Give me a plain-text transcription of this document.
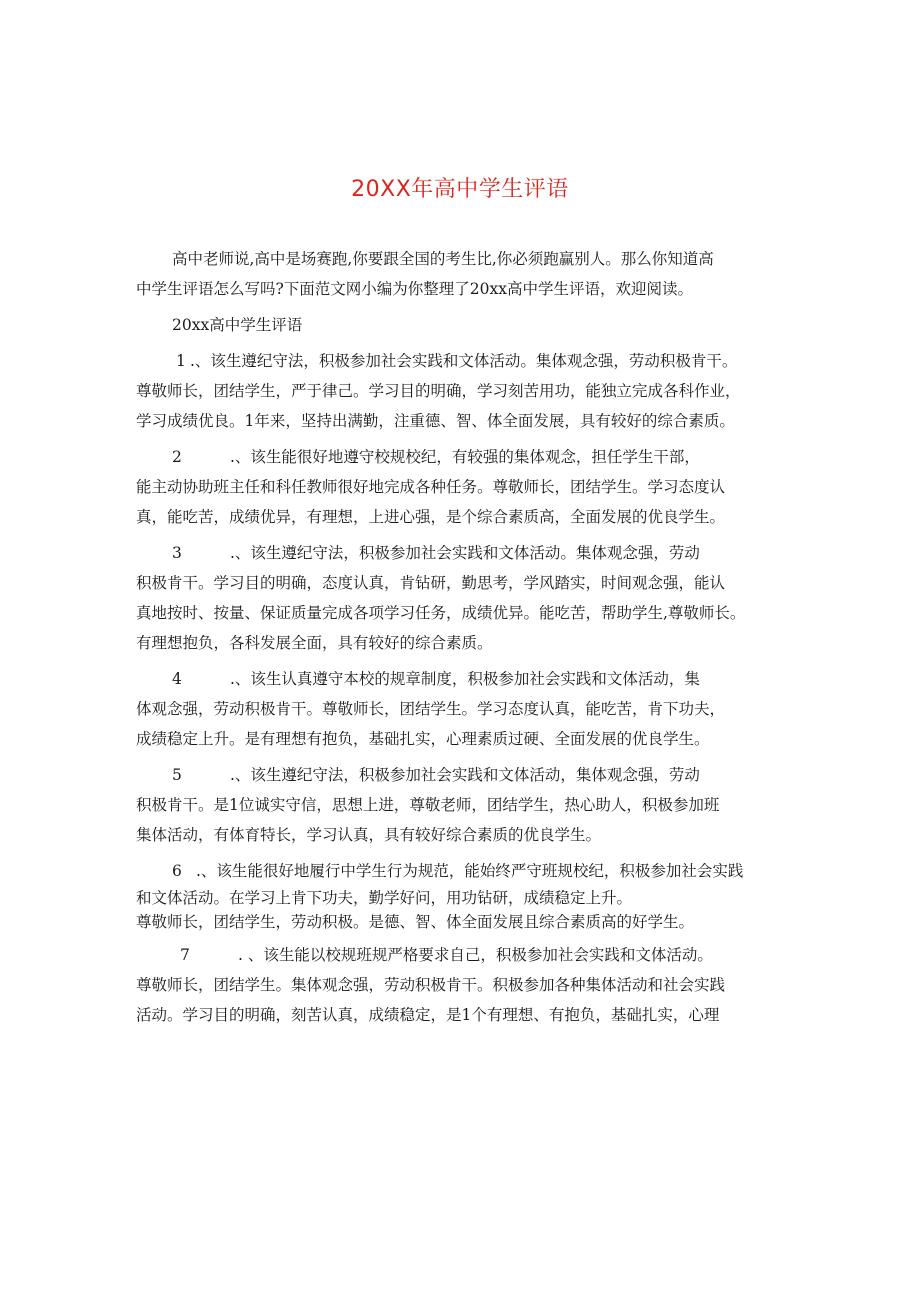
20XX年高中学生评语
高中老师说,高中是场赛跑,你要跟全国的考生比,你必须跑赢别人。那么你知道高
中学生评语怎么写吗?下面范文网小编为你整理了20xx高中学生评语，欢迎阅读。
20xx高中学生评语
1 .、该生遵纪守法，积极参加社会实践和文体活动。集体观念强，劳动积极肯干。
尊敬师长，团结学生，严于律己。学习目的明确，学习刻苦用功，能独立完成各科作业，
学习成绩优良。1年来，坚持出满勤，注重德、智、体全面发展，具有较好的综合素质。
2	.、该生能很好地遵守校规校纪，有较强的集体观念，担任学生干部，
能主动协助班主任和科任教师很好地完成各种任务。尊敬师长，团结学生。学习态度认
真，能吃苦，成绩优异，有理想，上进心强，是个综合素质高，全面发展的优良学生。
3	.、该生遵纪守法，积极参加社会实践和文体活动。集体观念强，劳动
积极肯干。学习目的明确，态度认真，肯钻研，勤思考，学风踏实，时间观念强，能认
真地按时、按量、保证质量完成各项学习任务，成绩优异。能吃苦，帮助学生,尊敬师长。
有理想抱负，各科发展全面，具有较好的综合素质。
4	.、该生认真遵守本校的规章制度，积极参加社会实践和文体活动，集
体观念强，劳动积极肯干。尊敬师长，团结学生。学习态度认真，能吃苦，肯下功夫，
成绩稳定上升。是有理想有抱负，基础扎实，心理素质过硬、全面发展的优良学生。
5	.、该生遵纪守法，积极参加社会实践和文体活动，集体观念强，劳动
积极肯干。是1位诚实守信，思想上进，尊敬老师，团结学生，热心助人，积极参加班
集体活动，有体育特长，学习认真，具有较好综合素质的优良学生。
6 .、该生能很好地履行中学生行为规范，能始终严守班规校纪，积极参加社会实践
和文体活动。在学习上肯下功夫，勤学好问，用功钻研，成绩稳定上升。
尊敬师长，团结学生，劳动积极。是德、智、体全面发展且综合素质高的好学生。
7	. 、该生能以校规班规严格要求自己，积极参加社会实践和文体活动。
尊敬师长，团结学生。集体观念强，劳动积极肯干。积极参加各种集体活动和社会实践
活动。学习目的明确，刻苦认真，成绩稳定，是1个有理想、有抱负，基础扎实，心理
